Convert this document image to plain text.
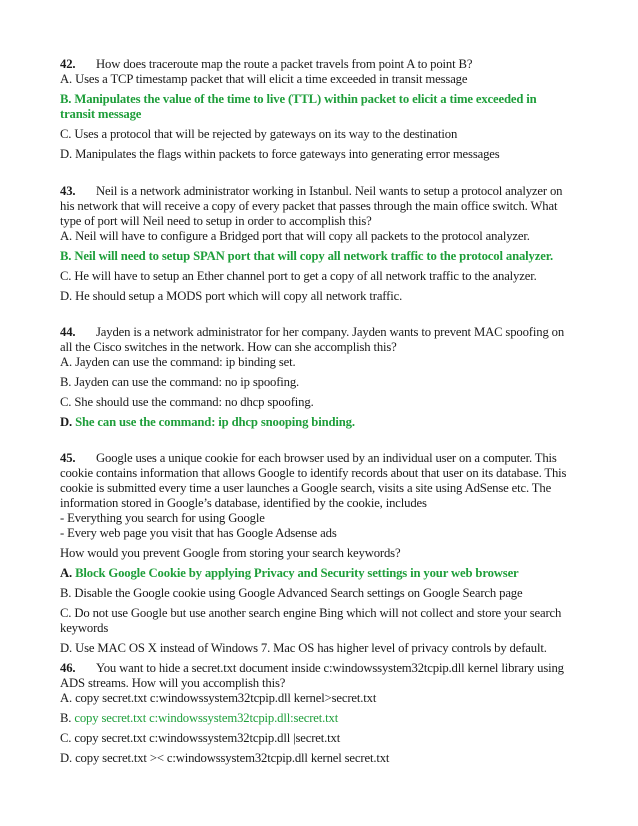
42. How does traceroute map the route a packet travels from point A to point B?
A. Uses a TCP timestamp packet that will elicit a time exceeded in transit message
B. Manipulates the value of the time to live (TTL) within packet to elicit a time exceeded in
transit message
C. Uses a protocol that will be rejected by gateways on its way to the destination
D. Manipulates the flags within packets to force gateways into generating error messages
43. Neil is a network administrator working in Istanbul. Neil wants to setup a protocol analyzer on
his network that will receive a copy of every packet that passes through the main office switch. What
type of port will Neil need to setup in order to accomplish this?
A. Neil will have to configure a Bridged port that will copy all packets to the protocol analyzer.
B. Neil will need to setup SPAN port that will copy all network traffic to the protocol analyzer.
C. He will have to setup an Ether channel port to get a copy of all network traffic to the analyzer.
D. He should setup a MODS port which will copy all network traffic.
44. Jayden is a network administrator for her company. Jayden wants to prevent MAC spoofing on
all the Cisco switches in the network. How can she accomplish this?
A. Jayden can use the command: ip binding set.
B. Jayden can use the command: no ip spoofing.
C. She should use the command: no dhcp spoofing.
D. She can use the command: ip dhcp snooping binding.
45. Google uses a unique cookie for each browser used by an individual user on a computer. This
cookie contains information that allows Google to identify records about that user on its database. This
cookie is submitted every time a user launches a Google search, visits a site using AdSense etc. The
information stored in Google’s database, identified by the cookie, includes
- Everything you search for using Google
- Every web page you visit that has Google Adsense ads
How would you prevent Google from storing your search keywords?
A. Block Google Cookie by applying Privacy and Security settings in your web browser
B. Disable the Google cookie using Google Advanced Search settings on Google Search page
C. Do not use Google but use another search engine Bing which will not collect and store your search
keywords
D. Use MAC OS X instead of Windows 7. Mac OS has higher level of privacy controls by default.
46. You want to hide a secret.txt document inside c:windowssystem32tcpip.dll kernel library using
ADS streams. How will you accomplish this?
A. copy secret.txt c:windowssystem32tcpip.dll kernel>secret.txt
B. copy secret.txt c:windowssystem32tcpip.dll:secret.txt
C. copy secret.txt c:windowssystem32tcpip.dll |secret.txt
D. copy secret.txt >< c:windowssystem32tcpip.dll kernel secret.txt
